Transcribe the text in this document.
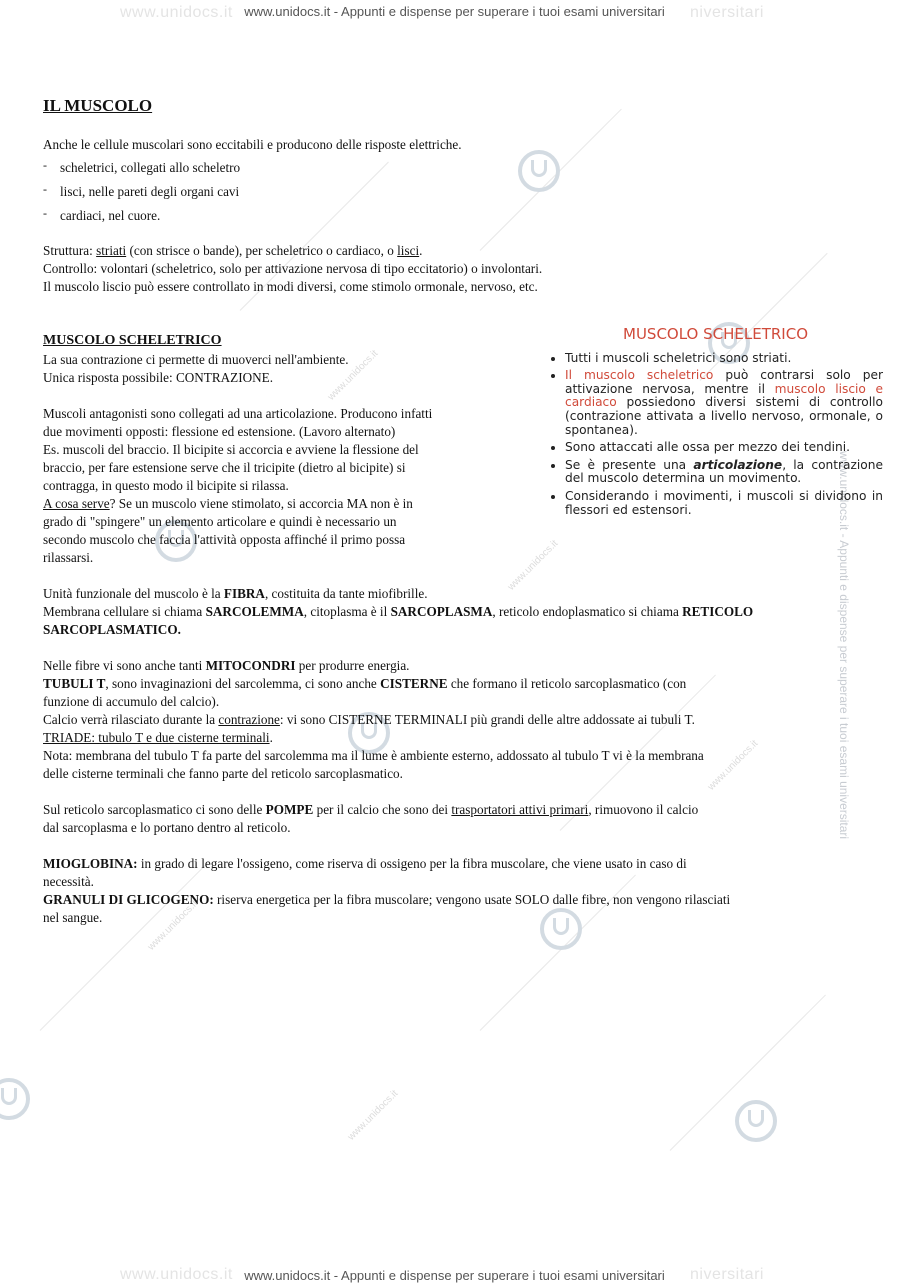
www.unidocs.it	niversitari
www.unidocs.it - Appunti e dispense per superare i tuoi esami universitari
www.unidocs.it	niversitari
www.unidocs.it - Appunti e dispense per superare i tuoi esami universitari
www.unidocs.it - Appunti e dispense per superare i tuoi esami universitari
www.unidocs.it
www.unidocs.it
www.unidocs.it
www.unidocs.it
www.unidocs.it
IL MUSCOLO
Anche le cellule muscolari sono eccitabili e producono delle risposte elettriche.
- scheletrici, collegati allo scheletro
- lisci, nelle pareti degli organi cavi
- cardiaci, nel cuore.
Struttura: striati (con strisce o bande), per scheletrico o cardiaco, o lisci.
Controllo: volontari (scheletrico, solo per attivazione nervosa di tipo eccitatorio) o involontari.
Il muscolo liscio può essere controllato in modi diversi, come stimolo ormonale, nervoso, etc.
MUSCOLO SCHELETRICO
La sua contrazione ci permette di muoverci nell'ambiente.
Unica risposta possibile: CONTRAZIONE.
Muscoli antagonisti sono collegati ad una articolazione. Producono infatti
due movimenti opposti: flessione ed estensione. (Lavoro alternato)
Es. muscoli del braccio. Il bicipite si accorcia e avviene la flessione del
braccio, per fare estensione serve che il tricipite (dietro al bicipite) si
contragga, in questo modo il bicipite si rilassa.
A cosa serve? Se un muscolo viene stimolato, si accorcia MA non è in
grado di "spingere" un elemento articolare e quindi è necessario un
secondo muscolo che faccia l'attività opposta affinché il primo possa
rilassarsi.
MUSCOLO SCHELETRICO
• Tutti i muscoli scheletrici sono striati.
• Il muscolo scheletrico può contrarsi solo per attivazione nervosa, mentre il muscolo liscio e cardiaco possiedono diversi sistemi di controllo (contrazione attivata a livello nervoso, ormonale, o spontanea).
• Sono attaccati alle ossa per mezzo dei tendini.
• Se è presente una articolazione, la contrazione del muscolo determina un movimento.
• Considerando i movimenti, i muscoli si dividono in flessori ed estensori.
Unità funzionale del muscolo è la FIBRA, costituita da tante miofibrille.
Membrana cellulare si chiama SARCOLEMMA, citoplasma è il SARCOPLASMA, reticolo endoplasmatico si chiama RETICOLO
SARCOPLASMATICO.
Nelle fibre vi sono anche tanti MITOCONDRI per produrre energia.
TUBULI T, sono invaginazioni del sarcolemma, ci sono anche CISTERNE che formano il reticolo sarcoplasmatico (con
funzione di accumulo del calcio).
Calcio verrà rilasciato durante la contrazione: vi sono CISTERNE TERMINALI più grandi delle altre addossate ai tubuli T.
TRIADE: tubulo T e due cisterne terminali.
Nota: membrana del tubulo T fa parte del sarcolemma ma il lume è ambiente esterno, addossato al tubulo T vi è la membrana
delle cisterne terminali che fanno parte del reticolo sarcoplasmatico.
Sul reticolo sarcoplasmatico ci sono delle POMPE per il calcio che sono dei trasportatori attivi primari, rimuovono il calcio
dal sarcoplasma e lo portano dentro al reticolo.
MIOGLOBINA: in grado di legare l'ossigeno, come riserva di ossigeno per la fibra muscolare, che viene usato in caso di
necessità.
GRANULI DI GLICOGENO: riserva energetica per la fibra muscolare; vengono usate SOLO dalle fibre, non vengono rilasciati
nel sangue.
